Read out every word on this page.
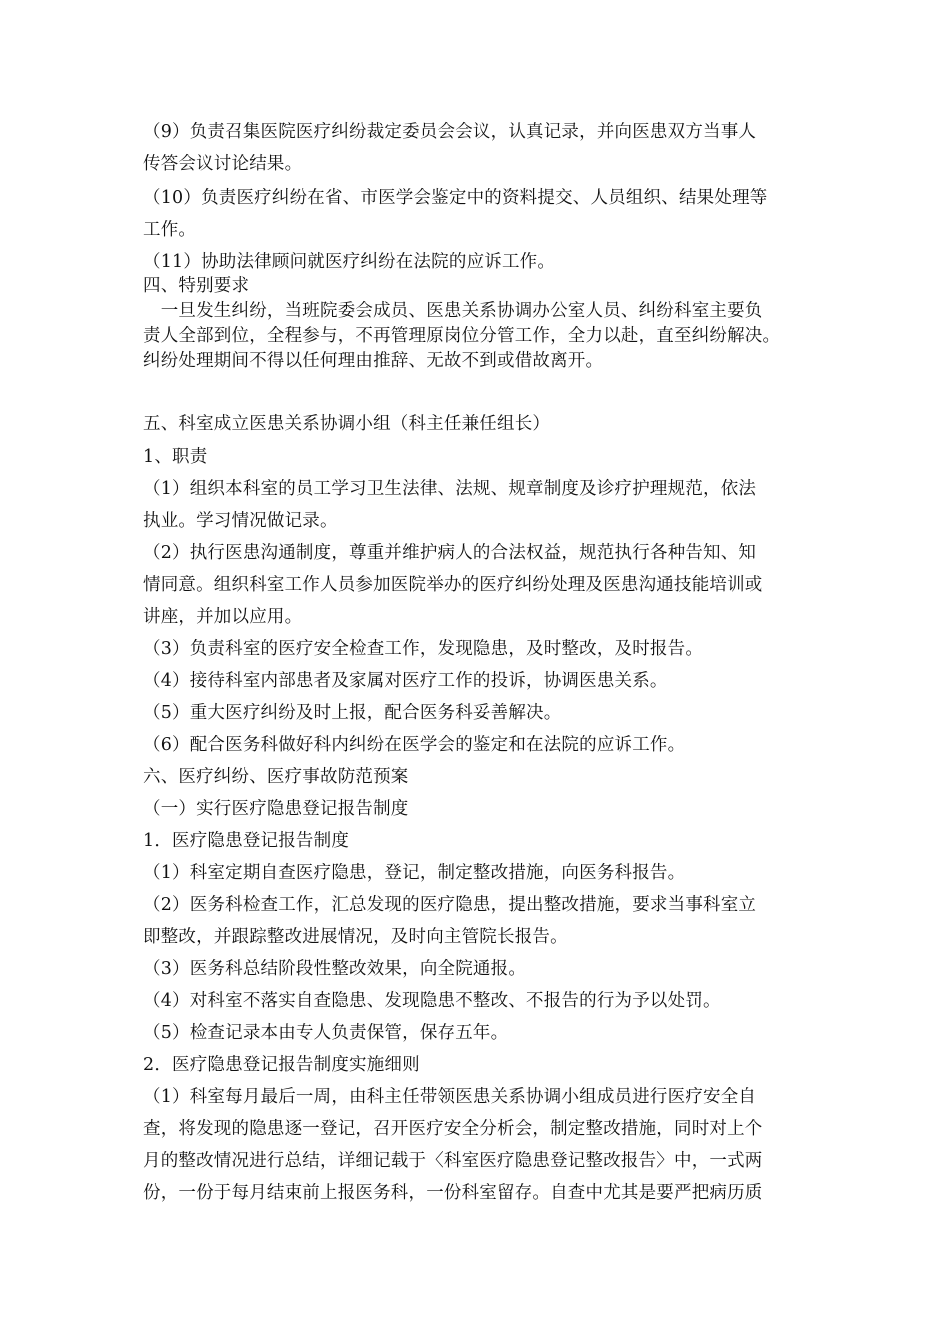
（9）负责召集医院医疗纠纷裁定委员会会议，认真记录，并向医患双方当事人
传答会议讨论结果。
（10）负责医疗纠纷在省、市医学会鉴定中的资料提交、人员组织、结果处理等
工作。
（11）协助法律顾问就医疗纠纷在法院的应诉工作。
四、特别要求
　一旦发生纠纷，当班院委会成员、医患关系协调办公室人员、纠纷科室主要负
责人全部到位，全程参与，不再管理原岗位分管工作，全力以赴，直至纠纷解决。
纠纷处理期间不得以任何理由推辞、无故不到或借故离开。
五、科室成立医患关系协调小组（科主任兼任组长）
1、职责
（1）组织本科室的员工学习卫生法律、法规、规章制度及诊疗护理规范，依法
执业。学习情况做记录。
（2）执行医患沟通制度，尊重并维护病人的合法权益，规范执行各种告知、知
情同意。组织科室工作人员参加医院举办的医疗纠纷处理及医患沟通技能培训或
讲座，并加以应用。
（3）负责科室的医疗安全检查工作，发现隐患，及时整改，及时报告。
（4）接待科室内部患者及家属对医疗工作的投诉，协调医患关系。
（5）重大医疗纠纷及时上报，配合医务科妥善解决。
（6）配合医务科做好科内纠纷在医学会的鉴定和在法院的应诉工作。
六、医疗纠纷、医疗事故防范预案
（一）实行医疗隐患登记报告制度
1．医疗隐患登记报告制度
（1）科室定期自查医疗隐患，登记，制定整改措施，向医务科报告。
（2）医务科检查工作，汇总发现的医疗隐患，提出整改措施，要求当事科室立
即整改，并跟踪整改进展情况，及时向主管院长报告。
（3）医务科总结阶段性整改效果，向全院通报。
（4）对科室不落实自查隐患、发现隐患不整改、不报告的行为予以处罚。
（5）检查记录本由专人负责保管，保存五年。
2．医疗隐患登记报告制度实施细则
（1）科室每月最后一周，由科主任带领医患关系协调小组成员进行医疗安全自
查，将发现的隐患逐一登记，召开医疗安全分析会，制定整改措施，同时对上个
月的整改情况进行总结，详细记载于〈科室医疗隐患登记整改报告〉中，一式两
份，一份于每月结束前上报医务科，一份科室留存。自查中尤其是要严把病历质
